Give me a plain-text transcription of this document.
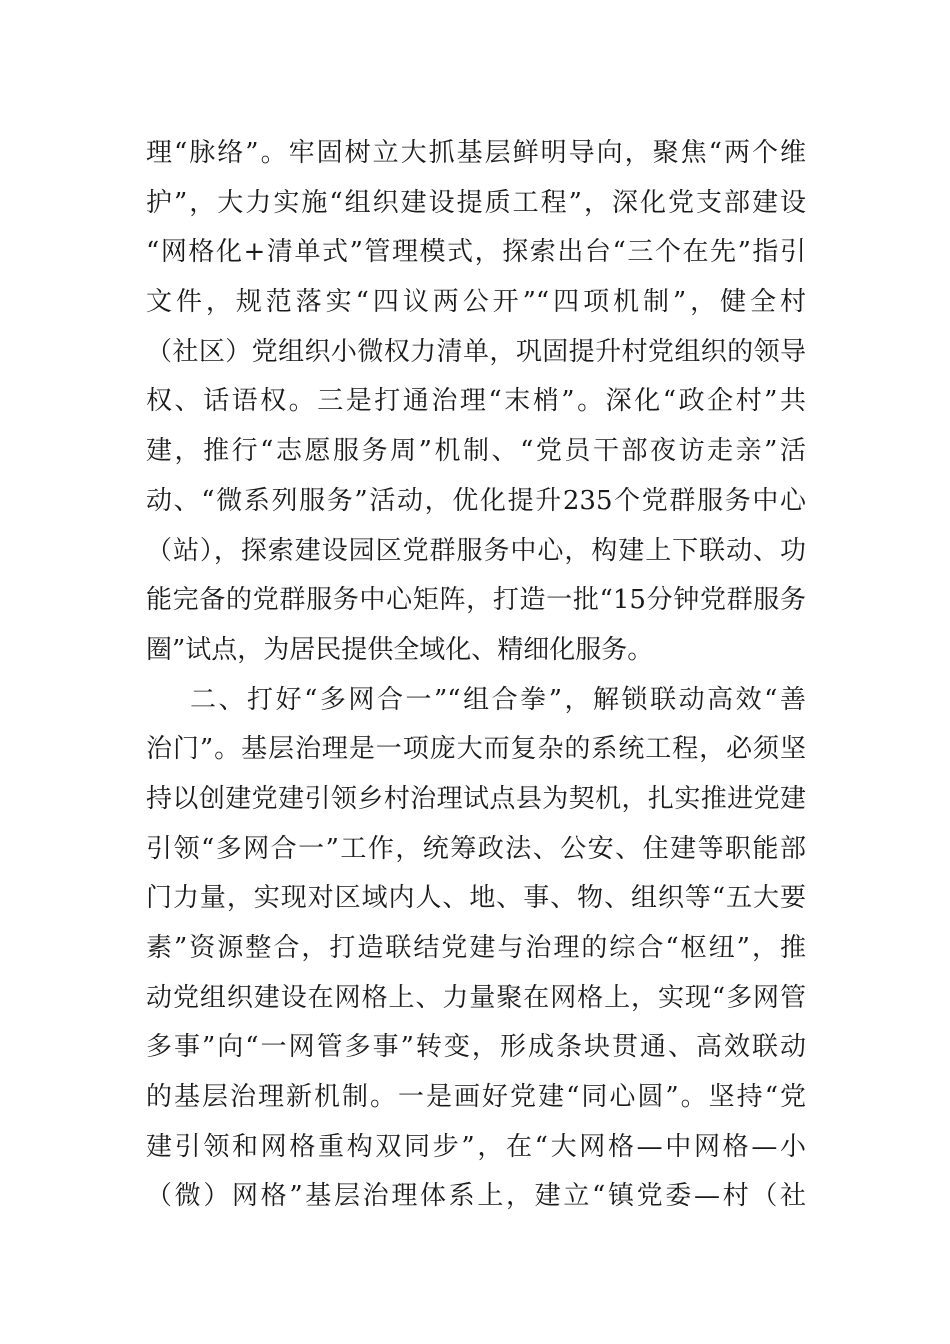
理“脉络”。牢固树立大抓基层鲜明导向，聚焦“两个维
护”，大力实施“组织建设提质工程”，深化党支部建设
“网格化+清单式”管理模式，探索出台“三个在先”指引
文件，规范落实“四议两公开”“四项机制”，健全村
（社区）党组织小微权力清单，巩固提升村党组织的领导
权、话语权。三是打通治理“末梢”。深化“政企村”共
建，推行“志愿服务周”机制、“党员干部夜访走亲”活
动、“微系列服务”活动，优化提升235个党群服务中心
（站），探索建设园区党群服务中心，构建上下联动、功
能完备的党群服务中心矩阵，打造一批“15分钟党群服务
圈”试点，为居民提供全域化、精细化服务。
二、打好“多网合一”“组合拳”，解锁联动高效“善
治门”。基层治理是一项庞大而复杂的系统工程，必须坚
持以创建党建引领乡村治理试点县为契机，扎实推进党建
引领“多网合一”工作，统筹政法、公安、住建等职能部
门力量，实现对区域内人、地、事、物、组织等“五大要
素”资源整合，打造联结党建与治理的综合“枢纽”，推
动党组织建设在网格上、力量聚在网格上，实现“多网管
多事”向“一网管多事”转变，形成条块贯通、高效联动
的基层治理新机制。一是画好党建“同心圆”。坚持“党
建引领和网格重构双同步”，在“大网格—中网格—小
（微）网格”基层治理体系上，建立“镇党委—村（社
